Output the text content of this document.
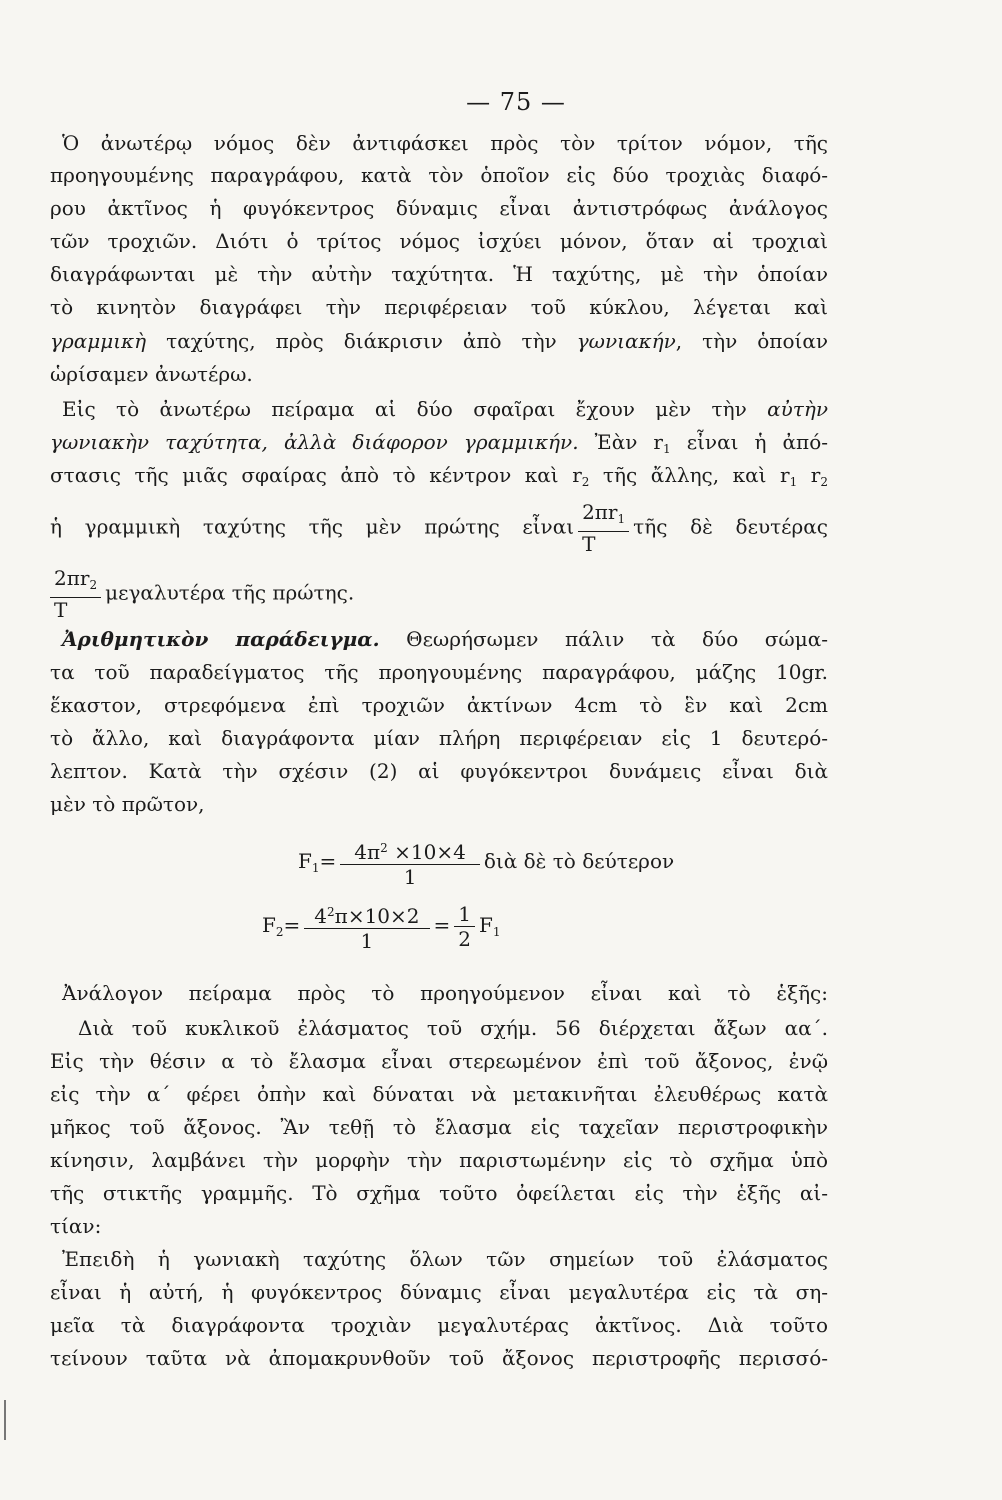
— 75 —
Ὁ ἀνωτέρῳ νόμος δὲν ἀντιφάσκει πρὸς τὸν τρίτον νόμον, τῆς
προηγουμένης παραγράφου, κατὰ τὸν ὁποῖον εἰς δύο τροχιὰς διαφό-
ρου ἀκτῖνος ἡ φυγόκεντρος δύναμις εἶναι ἀντιστρόφως ἀνάλογος
τῶν τροχιῶν. Διότι ὁ τρίτος νόμος ἰσχύει μόνον, ὅταν αἱ τροχιαὶ
διαγράφωνται μὲ τὴν αὐτὴν ταχύτητα. Ἡ ταχύτης, μὲ τὴν ὁποίαν
τὸ κινητὸν διαγράφει τὴν περιφέρειαν τοῦ κύκλου, λέγεται καὶ
γραμμικὴ ταχύτης, πρὸς διάκρισιν ἀπὸ τὴν γωνιακήν, τὴν ὁποίαν
ὡρίσαμεν ἀνωτέρω.
Εἰς τὸ ἀνωτέρω πείραμα αἱ δύο σφαῖραι ἔχουν μὲν τὴν αὐτὴν
γωνιακὴν ταχύτητα, ἀλλὰ διάφορον γραμμικήν. Ἐὰν $r_1$ εἶναι ἡ ἀπό-
στασις τῆς μιᾶς σφαίρας ἀπὸ τὸ κέντρον καὶ $r_2$ τῆς ἄλλης, καὶ $r_1$ $r_2$
ἡ γραμμικὴ ταχύτης τῆς μὲν πρώτης εἶναι $\frac{2\pi r_1}{T}$ τῆς δὲ δευτέρας
$\frac{2\pi r_2}{T}$ μεγαλυτέρα τῆς πρώτης.
Ἀριθμητικὸν παράδειγμα. Θεωρήσωμεν πάλιν τὰ δύο σώμα-
τα τοῦ παραδείγματος τῆς προηγουμένης παραγράφου, μάζης 10gr.
ἕκαστον, στρεφόμενα ἐπὶ τροχιῶν ἀκτίνων 4cm τὸ ἓν καὶ 2cm
τὸ ἄλλο, καὶ διαγράφοντα μίαν πλήρη περιφέρειαν εἰς 1 δευτερό-
λεπτον. Κατὰ τὴν σχέσιν (2) αἱ φυγόκεντροι δυνάμεις εἶναι διὰ
μὲν τὸ πρῶτον,
$F_1= \frac{4\pi^2 \times 10\times 4}{1}$ διὰ δὲ τὸ δεύτερον
$F_2= \frac{4^2\pi\times 10\times 2}{1} = \frac{1}{2} F_1$
Ἀνάλογον πείραμα πρὸς τὸ προηγούμενον εἶναι καὶ τὸ ἑξῆς:
Διὰ τοῦ κυκλικοῦ ἐλάσματος τοῦ σχήμ. 56 διέρχεται ἄξων αα΄.
Εἰς τὴν θέσιν α τὸ ἔλασμα εἶναι στερεωμένον ἐπὶ τοῦ ἄξονος, ἐνῷ
εἰς τὴν α΄ φέρει ὀπὴν καὶ δύναται νὰ μετακινῆται ἐλευθέρως κατὰ
μῆκος τοῦ ἄξονος. Ἂν τεθῇ τὸ ἔλασμα εἰς ταχεῖαν περιστροφικὴν
κίνησιν, λαμβάνει τὴν μορφὴν τὴν παριστωμένην εἰς τὸ σχῆμα ὑπὸ
τῆς στικτῆς γραμμῆς. Τὸ σχῆμα τοῦτο ὀφείλεται εἰς τὴν ἑξῆς αἰ-
τίαν:
Ἐπειδὴ ἡ γωνιακὴ ταχύτης ὅλων τῶν σημείων τοῦ ἐλάσματος
εἶναι ἡ αὐτή, ἡ φυγόκεντρος δύναμις εἶναι μεγαλυτέρα εἰς τὰ ση-
μεῖα τὰ διαγράφοντα τροχιὰν μεγαλυτέρας ἀκτῖνος. Διὰ τοῦτο
τείνουν ταῦτα νὰ ἀπομακρυνθοῦν τοῦ ἄξονος περιστροφῆς περισσό-
